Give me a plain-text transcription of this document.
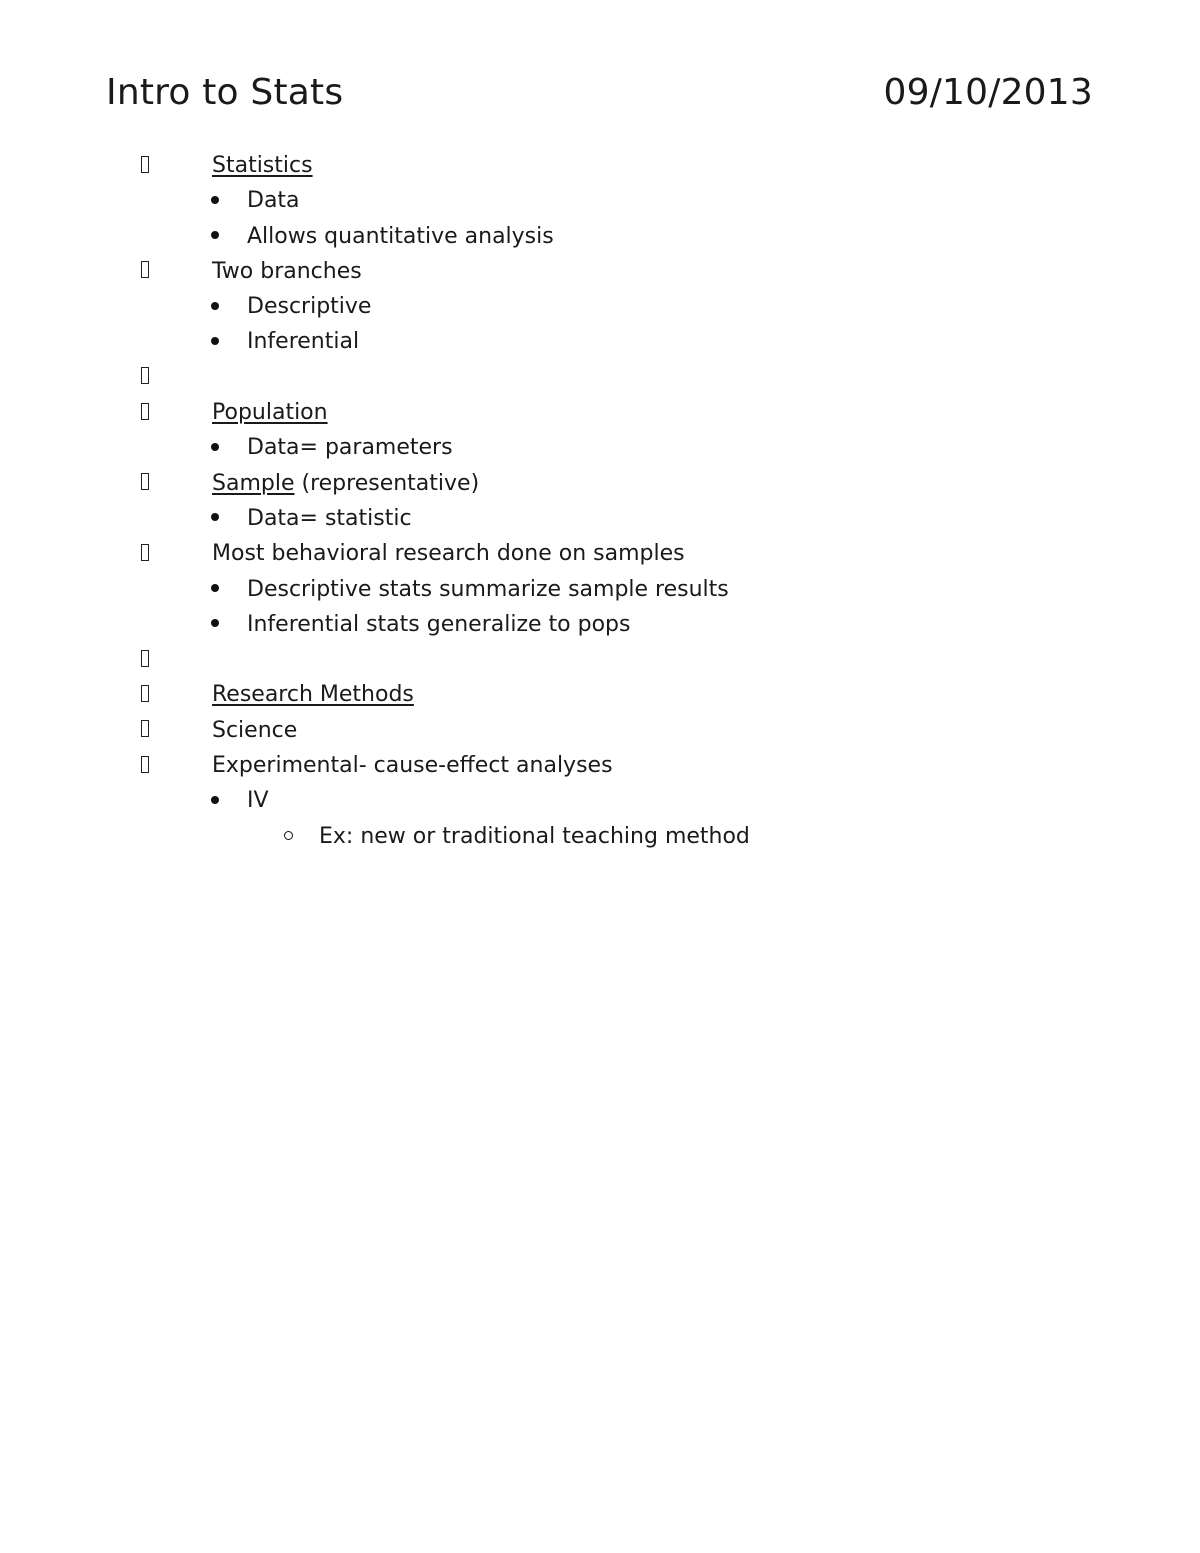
Intro to Stats	09/10/2013
Statistics
Data
Allows quantitative analysis
Two branches
Descriptive
Inferential
Population
Data= parameters
Sample (representative)
Data= statistic
Most behavioral research done on samples
Descriptive stats summarize sample results
Inferential stats generalize to pops
Research Methods
Science
Experimental- cause-effect analyses
IV
Ex: new or traditional teaching method
